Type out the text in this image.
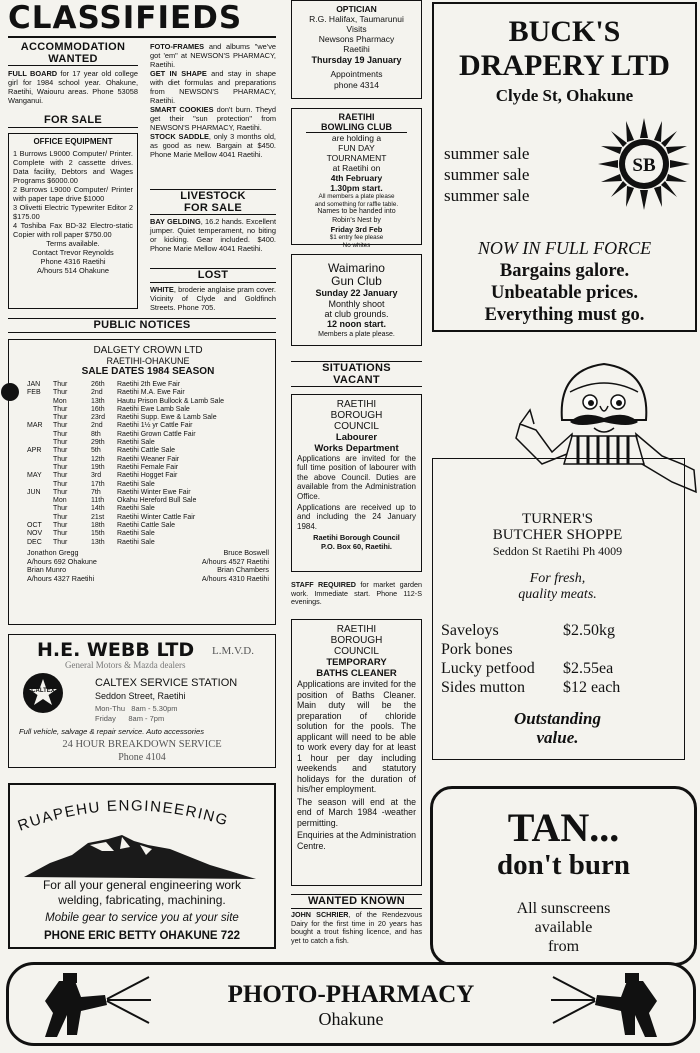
CLASSIFIEDS
ACCOMMODATION
WANTED
FULL BOARD for 17 year old college girl for 1984 school year. Ohakune, Raetihi, Waiouru areas. Phone 53058 Wanganui.
FOR SALE
OFFICE EQUIPMENT
1 Burrows L9000 Computer/ Printer. Complete with 2 cassette drives. Data facility, Debtors and Wages Programs $6000.00
2 Burrows L9000 Computer/ Printer with paper tape drive $1000
3 Olivetti Electric Typewriter Editor 2 $175.00
4 Toshiba Fax BD-32 Electro-static Copier with roll paper $750.00
Terms available.
Contact Trevor Reynolds
Phone 4316 Raetihi
A/hours 514 Ohakune
FOTO-FRAMES and albums "we've got 'em" at NEWSON'S PHARMACY, Raetihi.
GET IN SHAPE and stay in shape with diet formulas and preparations from NEWSON'S PHARMACY, Raetihi.
SMART COOKIES don't burn. Theyd get their "sun protection" from NEWSON'S PHARMACY, Raetihi.
STOCK SADDLE, only 3 months old, as good as new. Bargain at $450. Phone Marie Mellow 4041 Raetihi.
LIVESTOCK
FOR SALE
BAY GELDING, 16.2 hands. Excellent jumper. Quiet temperament, no biting or kicking. Gear included. $400. Phone Marie Mellow 4041 Raetihi.
LOST
WHITE, broderie anglaise pram cover. Vicinity of Clyde and Goldfinch Streets. Phone 705.
PUBLIC NOTICES
DALGETY CROWN LTD
RAETIHI-OHAKUNE
SALE DATES 1984 SEASON
JAN	Thur	26th	Raetihi 2th Ewe Fair
FEB	Thur	2nd	Raetihi M.A. Ewe Fair
	Mon	13th	Hautu Prison Bullock & Lamb Sale
	Thur	16th	Raetihi Ewe Lamb Sale
	Thur	23rd	Raetihi Supp. Ewe & Lamb Sale
MAR	Thur	2nd	Raetihi 1½ yr Cattle Fair
	Thur	8th	Raetihi Grown Cattle Fair
	Thur	29th	Raetihi Sale
APR	Thur	5th	Raetihi Cattle Sale
	Thur	12th	Raetihi Weaner Fair
	Thur	19th	Raetihi Female Fair
MAY	Thur	3rd	Raetihi Hogget Fair
	Thur	17th	Raetihi Sale
JUN	Thur	7th	Raetihi Winter Ewe Fair
	Mon	11th	Okahu Hereford Bull Sale
	Thur	14th	Raetihi Sale
	Thur	21st	Raetihi Winter Cattle Fair
OCT	Thur	18th	Raetihi Cattle Sale
NOV	Thur	15th	Raetihi Sale
DEC	Thur	13th	Raetihi Sale
Jonathon Gregg
A/hours 692 Ohakune
Brian Munro
A/hours 4327 Raetihi
Bruce Boswell
A/hours 4527 Raetihi
Brian Chambers
A/hours 4310 Raetihi
H.E. WEBB LTD L.M.V.D.
General Motors & Mazda dealers
CALTEX
CALTEX SERVICE STATION
Seddon Street, Raetihi
Mon-Thu 8am - 5.30pm
Friday 8am - 7pm
Full vehicle, salvage & repair service. Auto accessories
24 HOUR BREAKDOWN SERVICE
Phone 4104
RUAPEHU ENGINEERING
For all your general engineering work
welding, fabricating, machining.
Mobile gear to service you at your site
PHONE ERIC BETTY OHAKUNE 722
OPTICIAN
R.G. Halifax, Taumarunui
Visits
Newsons Pharmacy
Raetihi
Thursday 19 January
Appointments
phone 4314
RAETIHI
BOWLING CLUB
are holding a
FUN DAY
TOURNAMENT
at Raetihi on
4th February
1.30pm start.
All members a plate please
and something for raffle table.
Names to be handed into
Robin's Nest by
Friday 3rd Feb
$1 entry fee please
No whites
Waimarino
Gun Club
Sunday 22 January
Monthly shoot
at club grounds.
12 noon start.
Members a plate please.
SITUATIONS
VACANT
RAETIHI
BOROUGH
COUNCIL
Labourer
Works Department
Applications are invited for the full time position of labourer with the above Council. Duties are available from the Administration Office.
Applications are received up to and including the 24 January 1984.
Raetihi Borough Council
P.O. Box 60, Raetihi.
STAFF REQUIRED for market garden work. Immediate start. Phone 112-S evenings.
RAETIHI
BOROUGH
COUNCIL
TEMPORARY
BATHS CLEANER
Applications are invited for the position of Baths Cleaner. Main duty will be the preparation of chloride solution for the pools. The applicant will need to be able to work every day for at least 1 hour per day including weekends and statutory holidays for the duration of his/her employment.
The season will end at the end of March 1984 -weather permitting.
Enquiries at the Administration Centre.
WANTED KNOWN
JOHN SCHRIER, of the Rendezvous Dairy for the first time in 20 years has bought a trout fishing licence, and has yet to catch a fish.
BUCK'S
DRAPERY LTD
Clyde St, Ohakune
summer sale
summer sale
summer sale
SB
NOW IN FULL FORCE
Bargains galore.
Unbeatable prices.
Everything must go.
TURNER'S
BUTCHER SHOPPE
Seddon St Raetihi Ph 4009
For fresh,
quality meats.
Saveloys	$2.50kg
Pork bones
Lucky petfood	$2.55ea
Sides mutton	$12 each
Outstanding
value.
TAN...
don't burn
All sunscreens
available
from
PHOTO-PHARMACY
Ohakune
